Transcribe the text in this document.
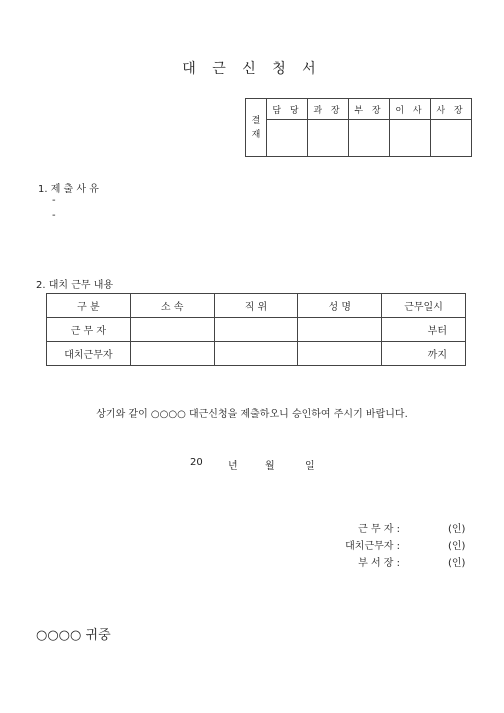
대 근 신 청 서
결
재	담 당	과 장	부 장	이 사	사 장

1. 제 출 사 유
-
-
2. 대치 근무 내용
구 분	소 속	직 위	성 명	근무일시
근 무 자				부터
대치근무자				까지
상기와 같이 ○○○○ 대근신청을 제출하오니 승인하여 주시기 바랍니다.
20	년	월	일
근 무 자 :	(인)
대치근무자 :	(인)
부 서 장 :	(인)
○○○○ 귀중
